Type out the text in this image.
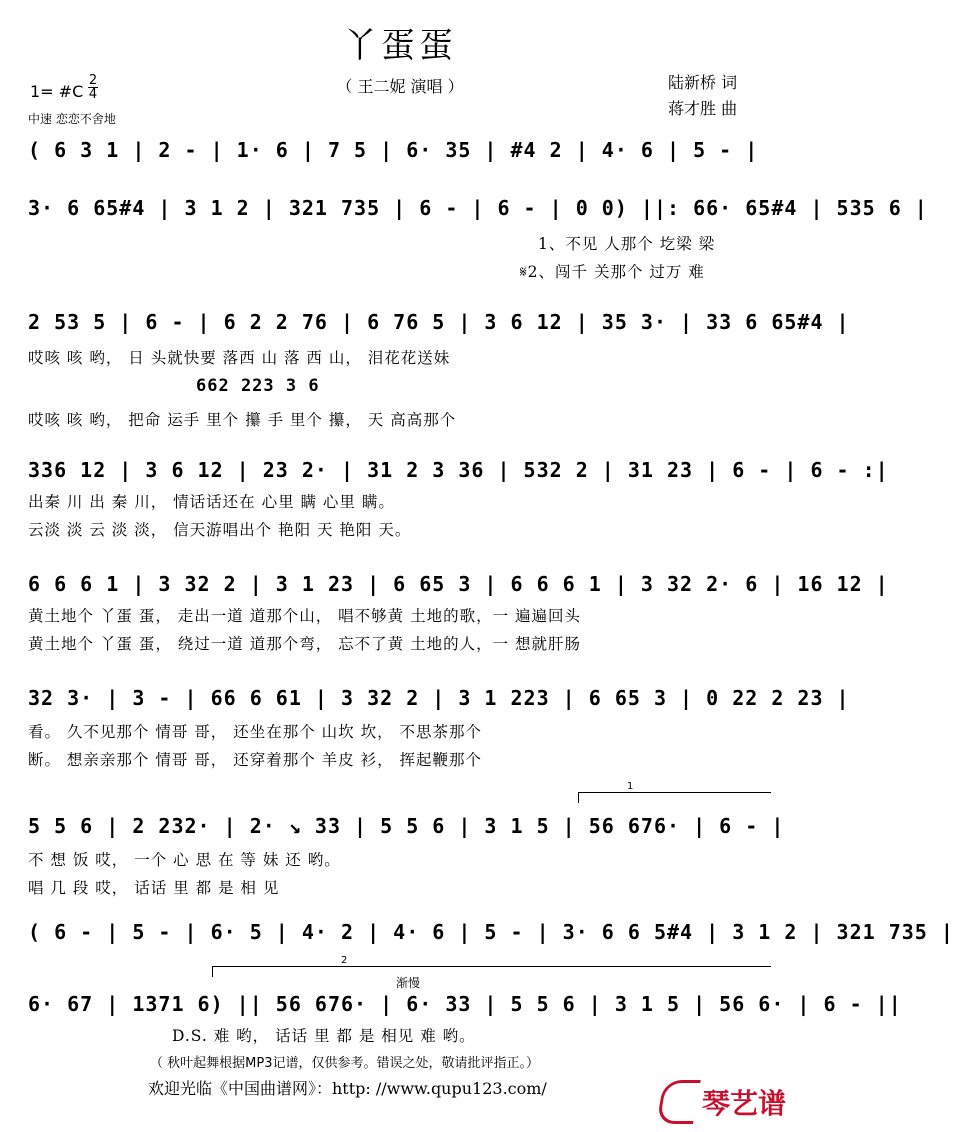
丫蛋蛋
（ 王二妮 演唱 ）	陆新桥 词
蒋才胜 曲
1= #C
2
4
中速 恋恋不舍地
( 6 3 1 | 2 - | 1· 6 | 7 5 | 6· 35 | #4 2 | 4· 6 | 5 - |
3· 6 65#4 | 3 1 2 | 321 735 | 6 - | 6 - | 0 0) ||: 66· 65#4 | 535 6 |
1、不见 人那个 圪梁 梁
𝄋2、闯千 关那个 过万 难
2 53 5 | 6 - | 6 2 2 76 | 6 76 5 | 3 6 12 | 35 3· | 33 6 65#4 |
哎咳 咳 哟， 日 头就快要 落西 山 落 西 山， 泪花花送妹
662 223 3 6
哎咳 咳 哟， 把命 运手 里个 攥 手 里个 攥， 天 高高那个
336 12 | 3 6 12 | 23 2· | 31 2 3 36 | 532 2 | 31 23 | 6 - | 6 - :|
出秦 川 出 秦 川， 情话话还在 心里 瞒 心里 瞒。
云淡 淡 云 淡 淡， 信天游唱出个 艳阳 天 艳阳 天。
6 6 6 1 | 3 32 2 | 3 1 23 | 6 65 3 | 6 6 6 1 | 3 32 2· 6 | 16 12 |
黄土地个 丫蛋 蛋， 走出一道 道那个山， 唱不够黄 土地的歌，一 遍遍回头
黄土地个 丫蛋 蛋， 绕过一道 道那个弯， 忘不了黄 土地的人，一 想就肝肠
32 3· | 3 - | 66 6 61 | 3 32 2 | 3 1 223 | 6 65 3 | 0 22 2 23 |
看。 久不见那个 情哥 哥， 还坐在那个 山坎 坎， 不思茶那个
断。 想亲亲那个 情哥 哥， 还穿着那个 羊皮 衫， 挥起鞭那个
1
5 5 6 | 2 232· | 2· ↘ 33 | 5 5 6 | 3 1 5 | 56 676· | 6 - |
不 想 饭 哎， 一个 心 思 在 等 妹 还 哟。
唱 几 段 哎， 话话 里 都 是 相 见
( 6 - | 5 - | 6· 5 | 4· 2 | 4· 6 | 5 - | 3· 6 6 5#4 | 3 1 2 | 321 735 |
2
渐慢
6· 67 | 1371 6) || 56 676· | 6· 33 | 5 5 6 | 3 1 5 | 56 6· | 6 - ||
D.S. 难 哟， 话话 里 都 是 相见 难 哟。
（ 秋叶起舞根据MP3记谱，仅供参考。错误之处，敬请批评指正。）
欢迎光临《中国曲谱网》：http: //www.qupu123.com/	琴艺谱
